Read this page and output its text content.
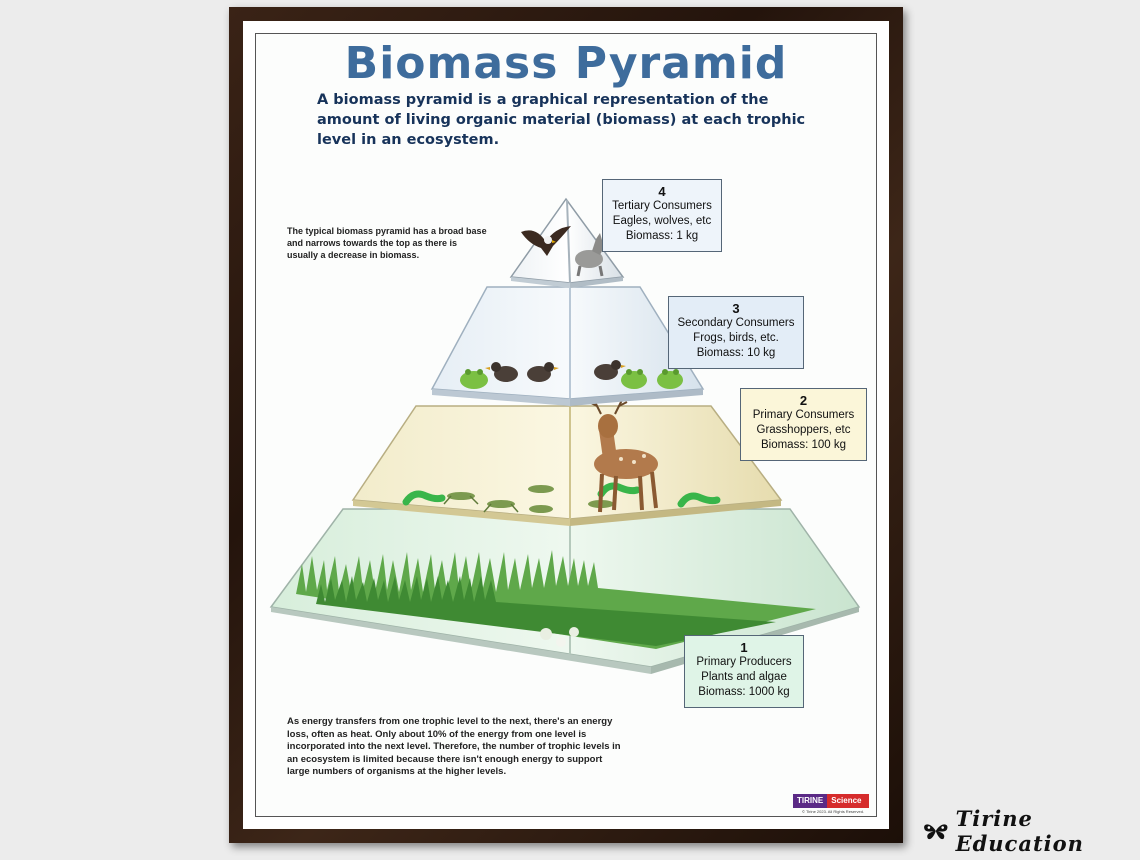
Biomass Pyramid
A biomass pyramid is a graphical representation of the amount of living organic material (biomass) at each trophic level in an ecosystem.
The typical biomass pyramid has a broad base and narrows towards the top as there is usually a decrease in biomass.
4
Tertiary Consumers
Eagles, wolves, etc
Biomass: 1 kg
3
Secondary Consumers
Frogs, birds, etc.
Biomass: 10 kg
2
Primary Consumers
Grasshoppers, etc
Biomass: 100 kg
1
Primary Producers
Plants and algae
Biomass: 1000 kg
As energy transfers from one trophic level to the next, there's an energy loss, often as heat. Only about 10% of the energy from one level is incorporated into the next level. Therefore, the number of trophic levels in an ecosystem is limited because there isn't enough energy to support large numbers of organisms at the higher levels.
TIRINE	Science
© Tirine 2023. All Rights Reserved.	Tirine Education
